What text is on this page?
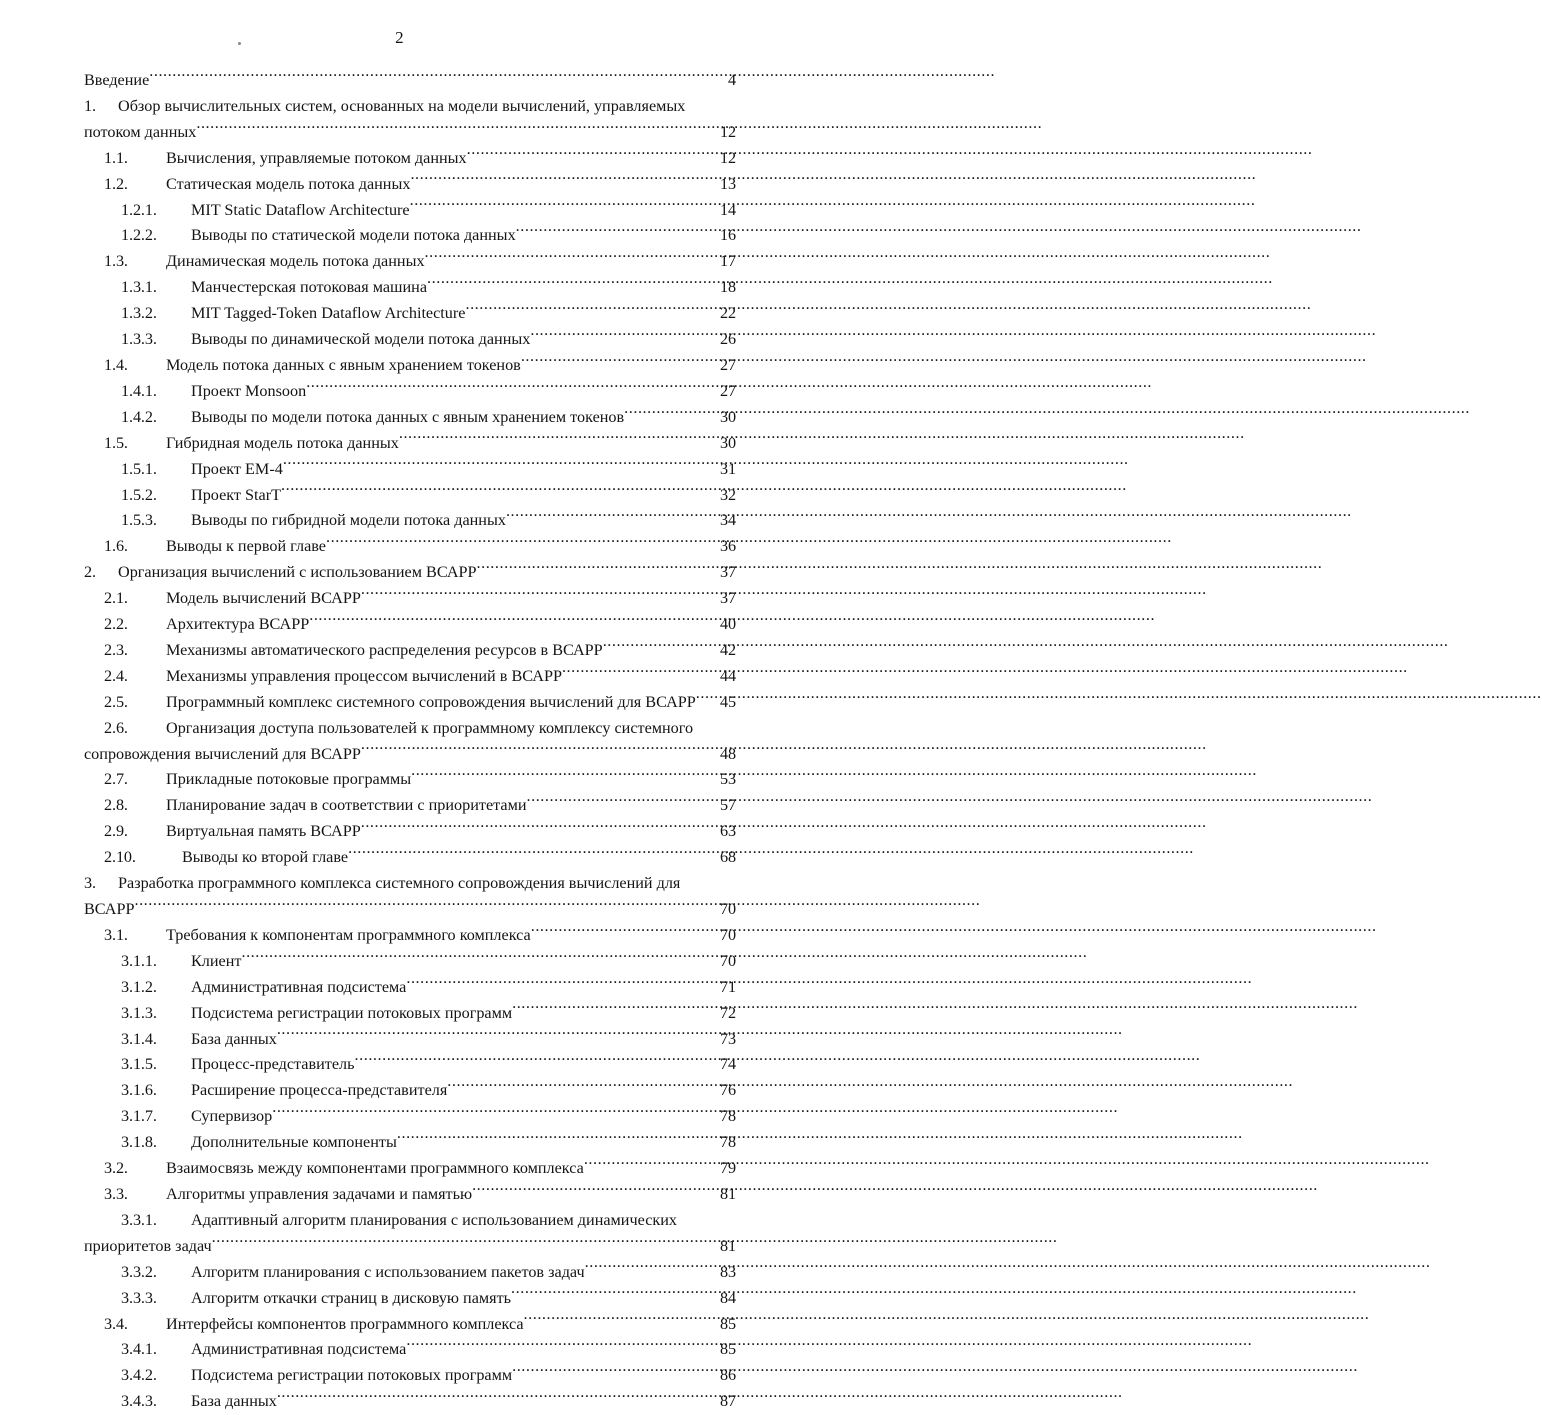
2
Введение .....	4
1.	Обзор вычислительных систем, основанных на модели вычислений, управляемых
потоком данных .....	12
1.1.	Вычисления, управляемые потоком данных .....	12
1.2.	Статическая модель потока данных .....	13
1.2.1.	MIT Static Dataflow Architecture .....	14
1.2.2.	Выводы по статической модели потока данных .....	16
1.3.	Динамическая модель потока данных .....	17
1.3.1.	Манчестерская потоковая машина .....	18
1.3.2.	MIT Tagged-Token Dataflow Architecture .....	22
1.3.3.	Выводы по динамической модели потока данных .....	26
1.4.	Модель потока данных с явным хранением токенов .....	27
1.4.1.	Проект Monsoon .....	27
1.4.2.	Выводы по модели потока данных с явным хранением токенов .....	30
1.5.	Гибридная модель потока данных .....	30
1.5.1.	Проект EM-4 .....	31
1.5.2.	Проект StarT .....	32
1.5.3.	Выводы по гибридной модели потока данных .....	34
1.6.	Выводы к первой главе .....	36
2.	Организация вычислений с использованием ВСАРР .....	37
2.1.	Модель вычислений ВСАРР .....	37
2.2.	Архитектура ВСАРР .....	40
2.3.	Механизмы автоматического распределения ресурсов в ВСАРР .....	42
2.4.	Механизмы управления процессом вычислений в ВСАРР .....	44
2.5.	Программный комплекс системного сопровождения вычислений для ВСАРР ..... 45
2.6.	Организация доступа пользователей к программному комплексу системного
сопровождения вычислений для ВСАРР .....	48
2.7.	Прикладные потоковые программы .....	53
2.8.	Планирование задач в соответствии с приоритетами .....	57
2.9.	Виртуальная память ВСАРР .....	63
2.10.	Выводы ко второй главе .....	68
3.	Разработка программного комплекса системного сопровождения вычислений для
ВСАРР .....	70
3.1.	Требования к компонентам программного комплекса .....	70
3.1.1.	Клиент .....	70
3.1.2.	Административная подсистема .....	71
3.1.3.	Подсистема регистрации потоковых программ .....	72
3.1.4.	База данных .....	73
3.1.5.	Процесс-представитель .....	74
3.1.6.	Расширение процесса-представителя .....	76
3.1.7.	Супервизор .....	78
3.1.8.	Дополнительные компоненты .....	78
3.2.	Взаимосвязь между компонентами программного комплекса .....	79
3.3.	Алгоритмы управления задачами и памятью .....	81
3.3.1.	Адаптивный алгоритм планирования с использованием динамических
приоритетов задач .....	81
3.3.2.	Алгоритм планирования с использованием пакетов задач .....	83
3.3.3.	Алгоритм откачки страниц в дисковую память .....	84
3.4.	Интерфейсы компонентов программного комплекса .....	85
3.4.1.	Административная подсистема .....	85
3.4.2.	Подсистема регистрации потоковых программ .....	86
3.4.3.	База данных .....	87
